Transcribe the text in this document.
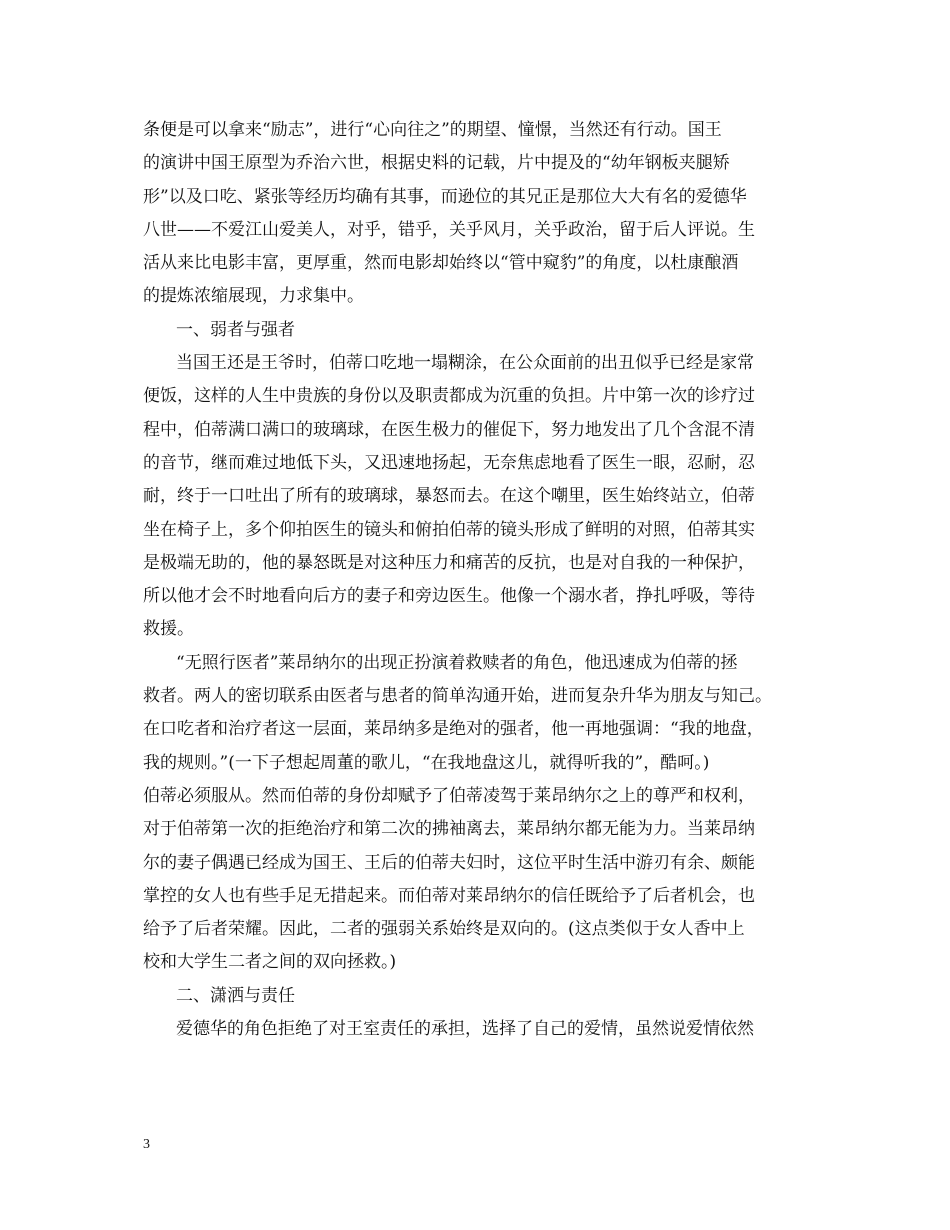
条便是可以拿来“励志”，进行“心向往之”的期望、憧憬，当然还有行动。国王
的演讲中国王原型为乔治六世，根据史料的记载，片中提及的“幼年钢板夹腿矫
形”以及口吃、紧张等经历均确有其事，而逊位的其兄正是那位大大有名的爱德华
八世——不爱江山爱美人，对乎，错乎，关乎风月，关乎政治，留于后人评说。生
活从来比电影丰富，更厚重，然而电影却始终以“管中窥豹”的角度，以杜康酿酒
的提炼浓缩展现，力求集中。
一、弱者与强者
当国王还是王爷时，伯蒂口吃地一塌糊涂，在公众面前的出丑似乎已经是家常
便饭，这样的人生中贵族的身份以及职责都成为沉重的负担。片中第一次的诊疗过
程中，伯蒂满口满口的玻璃球，在医生极力的催促下，努力地发出了几个含混不清
的音节，继而难过地低下头，又迅速地扬起，无奈焦虑地看了医生一眼，忍耐，忍
耐，终于一口吐出了所有的玻璃球，暴怒而去。在这个嘲里，医生始终站立，伯蒂
坐在椅子上，多个仰拍医生的镜头和俯拍伯蒂的镜头形成了鲜明的对照，伯蒂其实
是极端无助的，他的暴怒既是对这种压力和痛苦的反抗，也是对自我的一种保护，
所以他才会不时地看向后方的妻子和旁边医生。他像一个溺水者，挣扎呼吸，等待
救援。
“无照行医者”莱昂纳尔的出现正扮演着救赎者的角色，他迅速成为伯蒂的拯
救者。两人的密切联系由医者与患者的简单沟通开始，进而复杂升华为朋友与知己。
在口吃者和治疗者这一层面，莱昂纳多是绝对的强者，他一再地强调：“我的地盘，
我的规则。”(一下子想起周董的歌儿，“在我地盘这儿，就得听我的”，酷呵。)
伯蒂必须服从。然而伯蒂的身份却赋予了伯蒂凌驾于莱昂纳尔之上的尊严和权利，
对于伯蒂第一次的拒绝治疗和第二次的拂袖离去，莱昂纳尔都无能为力。当莱昂纳
尔的妻子偶遇已经成为国王、王后的伯蒂夫妇时，这位平时生活中游刃有余、颇能
掌控的女人也有些手足无措起来。而伯蒂对莱昂纳尔的信任既给予了后者机会，也
给予了后者荣耀。因此，二者的强弱关系始终是双向的。(这点类似于女人香中上
校和大学生二者之间的双向拯救。)
二、潇洒与责任
爱德华的角色拒绝了对王室责任的承担，选择了自己的爱情，虽然说爱情依然
3
